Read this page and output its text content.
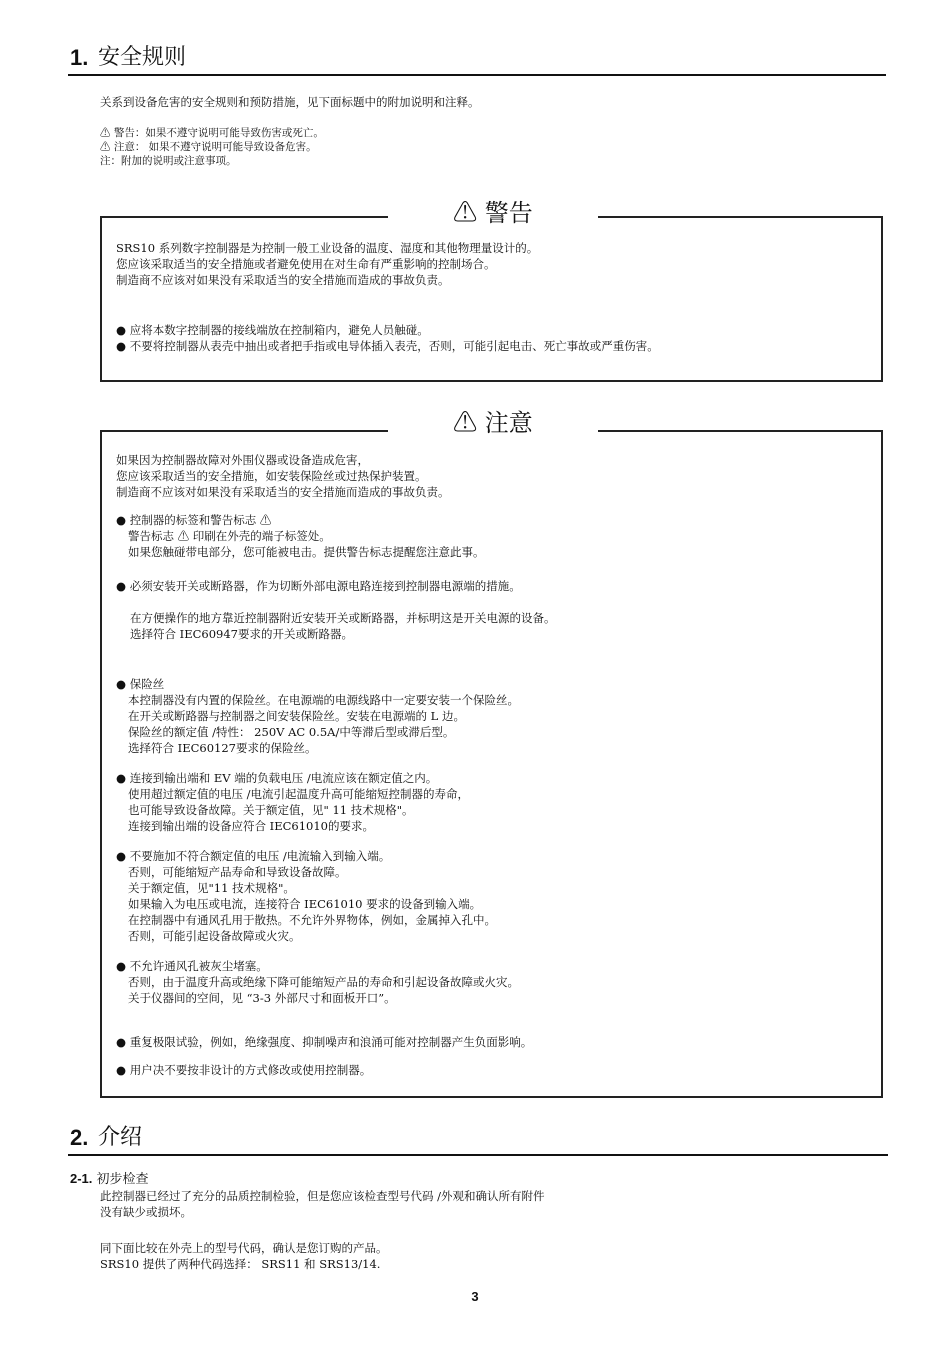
1. 安全规则
关系到设备危害的安全规则和预防措施，见下面标题中的附加说明和注释。
⚠ 警告：如果不遵守说明可能导致伤害或死亡。
⚠ 注意： 如果不遵守说明可能导致设备危害。
注：附加的说明或注意事项。
⚠ 警告
SRS10 系列数字控制器是为控制一般工业设备的温度、湿度和其他物理量设计的。
您应该采取适当的安全措施或者避免使用在对生命有严重影响的控制场合。
制造商不应该对如果没有采取适当的安全措施而造成的事故负责。
● 应将本数字控制器的接线端放在控制箱内，避免人员触碰。
● 不要将控制器从表壳中抽出或者把手指或电导体插入表壳，否则，可能引起电击、死亡事故或严重伤害。
⚠ 注意
如果因为控制器故障对外围仪器或设备造成危害，
您应该采取适当的安全措施，如安装保险丝或过热保护装置。
制造商不应该对如果没有采取适当的安全措施而造成的事故负责。
● 控制器的标签和警告标志 ⚠
警告标志 ⚠ 印刷在外壳的端子标签处。
如果您触碰带电部分，您可能被电击。提供警告标志提醒您注意此事。
● 必须安装开关或断路器，作为切断外部电源电路连接到控制器电源端的措施。
在方便操作的地方靠近控制器附近安装开关或断路器，并标明这是开关电源的设备。
选择符合 IEC60947要求的开关或断路器。
● 保险丝
本控制器没有内置的保险丝。在电源端的电源线路中一定要安装一个保险丝。
在开关或断路器与控制器之间安装保险丝。安装在电源端的 L 边。
保险丝的额定值 /特性： 250V AC 0.5A/中等滞后型或滞后型。
选择符合 IEC60127要求的保险丝。
● 连接到输出端和 EV 端的负载电压 /电流应该在额定值之内。
使用超过额定值的电压 /电流引起温度升高可能缩短控制器的寿命，
也可能导致设备故障。关于额定值，见" 11 技术规格"。
连接到输出端的设备应符合 IEC61010的要求。
● 不要施加不符合额定值的电压 /电流输入到输入端。
否则，可能缩短产品寿命和导致设备故障。
关于额定值，见"11 技术规格"。
如果输入为电压或电流，连接符合 IEC61010 要求的设备到输入端。
在控制器中有通风孔用于散热。不允许外界物体，例如，金属掉入孔中。
否则，可能引起设备故障或火灾。
● 不允许通风孔被灰尘堵塞。
否则，由于温度升高或绝缘下降可能缩短产品的寿命和引起设备故障或火灾。
关于仪器间的空间，见 “3-3 外部尺寸和面板开口”。
● 重复极限试验，例如，绝缘强度、抑制噪声和浪涌可能对控制器产生负面影响。
● 用户决不要按非设计的方式修改或使用控制器。
2. 介绍
2-1. 初步检查
此控制器已经过了充分的品质控制检验，但是您应该检查型号代码 /外观和确认所有附件
没有缺少或损坏。
同下面比较在外壳上的型号代码，确认是您订购的产品。
SRS10 提供了两种代码选择： SRS11 和 SRS13/14.
3
